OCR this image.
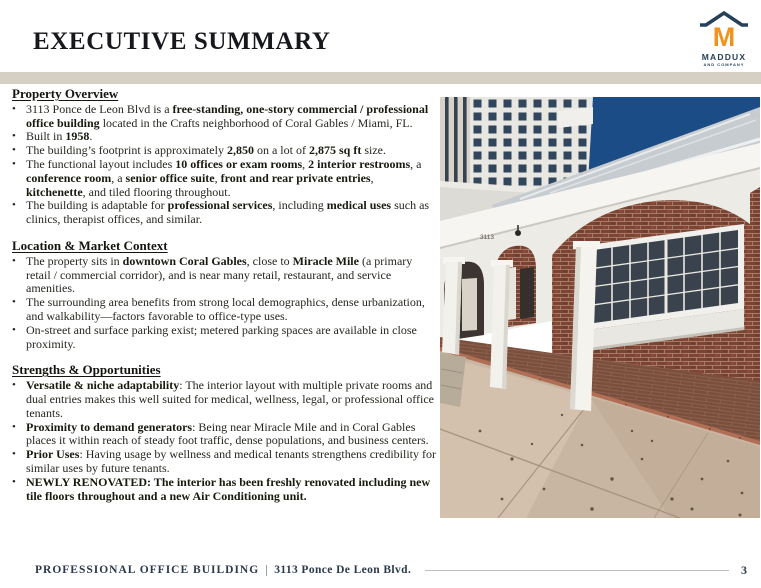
EXECUTIVE SUMMARY	M
MADDUX
AND COMPANY
Property Overview
• 3113 Ponce de Leon Blvd is a free-standing, one-story commercial / professional office building located in the Crafts neighborhood of Coral Gables / Miami, FL.
• Built in 1958.
• The building’s footprint is approximately 2,850 on a lot of 2,875 sq ft size.
• The functional layout includes 10 offices or exam rooms, 2 interior restrooms, a conference room, a senior office suite, front and rear private entries, kitchenette, and tiled flooring throughout.
• The building is adaptable for professional services, including medical uses such as clinics, therapist offices, and similar.
Location & Market Context
• The property sits in downtown Coral Gables, close to Miracle Mile (a primary retail / commercial corridor), and is near many retail, restaurant, and service amenities.
• The surrounding area benefits from strong local demographics, dense urbanization, and walkability—factors favorable to office-type uses.
• On-street and surface parking exist; metered parking spaces are available in close proximity.
Strengths & Opportunities
• Versatile & niche adaptability: The interior layout with multiple private rooms and dual entries makes this well suited for medical, wellness, legal, or professional office tenants.
• Proximity to demand generators: Being near Miracle Mile and in Coral Gables places it within reach of steady foot traffic, dense populations, and business centers.
• Prior Uses: Having usage by wellness and medical tenants strengthens credibility for similar uses by future tenants.
• NEWLY RENOVATED: The interior has been freshly renovated including new tile floors throughout and a new Air Conditioning unit.
3113
PROFESSIONAL OFFICE BUILDING 3113 Ponce De Leon Blvd.	3
